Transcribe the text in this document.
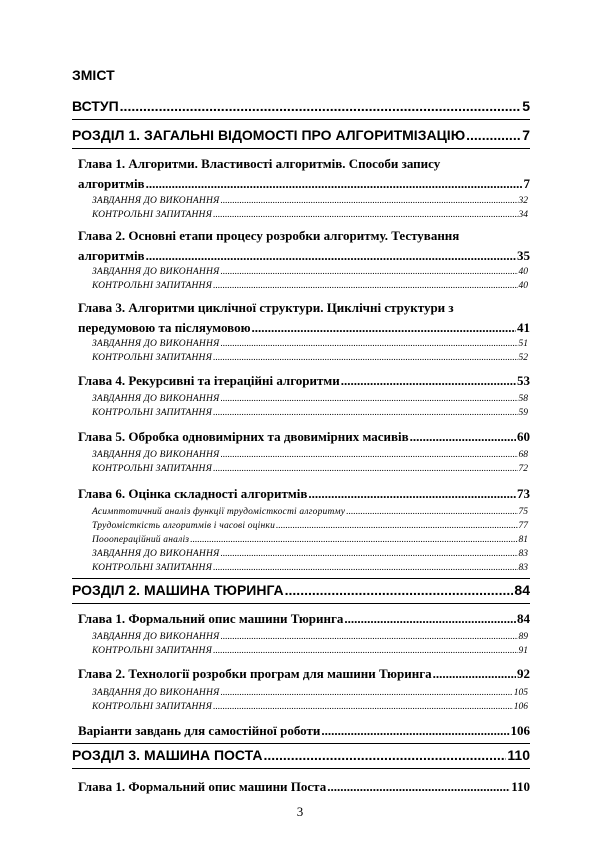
ЗМІСТ
ВСТУП .....	5
РОЗДІЛ 1. ЗАГАЛЬНІ ВІДОМОСТІ ПРО АЛГОРИТМІЗАЦІЮ .....	7
Глава 1. Алгоритми. Властивості алгоритмів. Способи запису
алгоритмів .....	7
ЗАВДАННЯ ДО ВИКОНАННЯ .....	32
КОНТРОЛЬНІ ЗАПИТАННЯ .....	34
Глава 2. Основні етапи процесу розробки алгоритму. Тестування
алгоритмів .....	35
ЗАВДАННЯ ДО ВИКОНАННЯ .....	40
КОНТРОЛЬНІ ЗАПИТАННЯ .....	40
Глава 3. Алгоритми циклічної структури. Циклічні структури з
передумовою та післяумовою .....	41
ЗАВДАННЯ ДО ВИКОНАННЯ .....	51
КОНТРОЛЬНІ ЗАПИТАННЯ .....	52
Глава 4. Рекурсивні та ітераційні алгоритми .....	53
ЗАВДАННЯ ДО ВИКОНАННЯ .....	58
КОНТРОЛЬНІ ЗАПИТАННЯ .....	59
Глава 5. Обробка одновимірних та двовимірних масивів .....	60
ЗАВДАННЯ ДО ВИКОНАННЯ .....	68
КОНТРОЛЬНІ ЗАПИТАННЯ .....	72
Глава 6. Оцінка складності алгоритмів .....	73
Асимптотичний аналіз функції трудомісткості алгоритму .....	75
Трудомісткість алгоритмів і часові оцінки .....	77
Пооопераційний аналіз .....	81
ЗАВДАННЯ ДО ВИКОНАННЯ .....	83
КОНТРОЛЬНІ ЗАПИТАННЯ .....	83
РОЗДІЛ 2. МАШИНА ТЮРИНГА .....	84
Глава 1. Формальний опис машини Тюринга .....	84
ЗАВДАННЯ ДО ВИКОНАННЯ .....	89
КОНТРОЛЬНІ ЗАПИТАННЯ .....	91
Глава 2. Технології розробки програм для машини Тюринга .....	92
ЗАВДАННЯ ДО ВИКОНАННЯ .....	105
КОНТРОЛЬНІ ЗАПИТАННЯ .....	106
Варіанти завдань для самостійної роботи .....	106
РОЗДІЛ 3. МАШИНА ПОСТА .....	110
Глава 1. Формальний опис машини Поста .....	110
3
